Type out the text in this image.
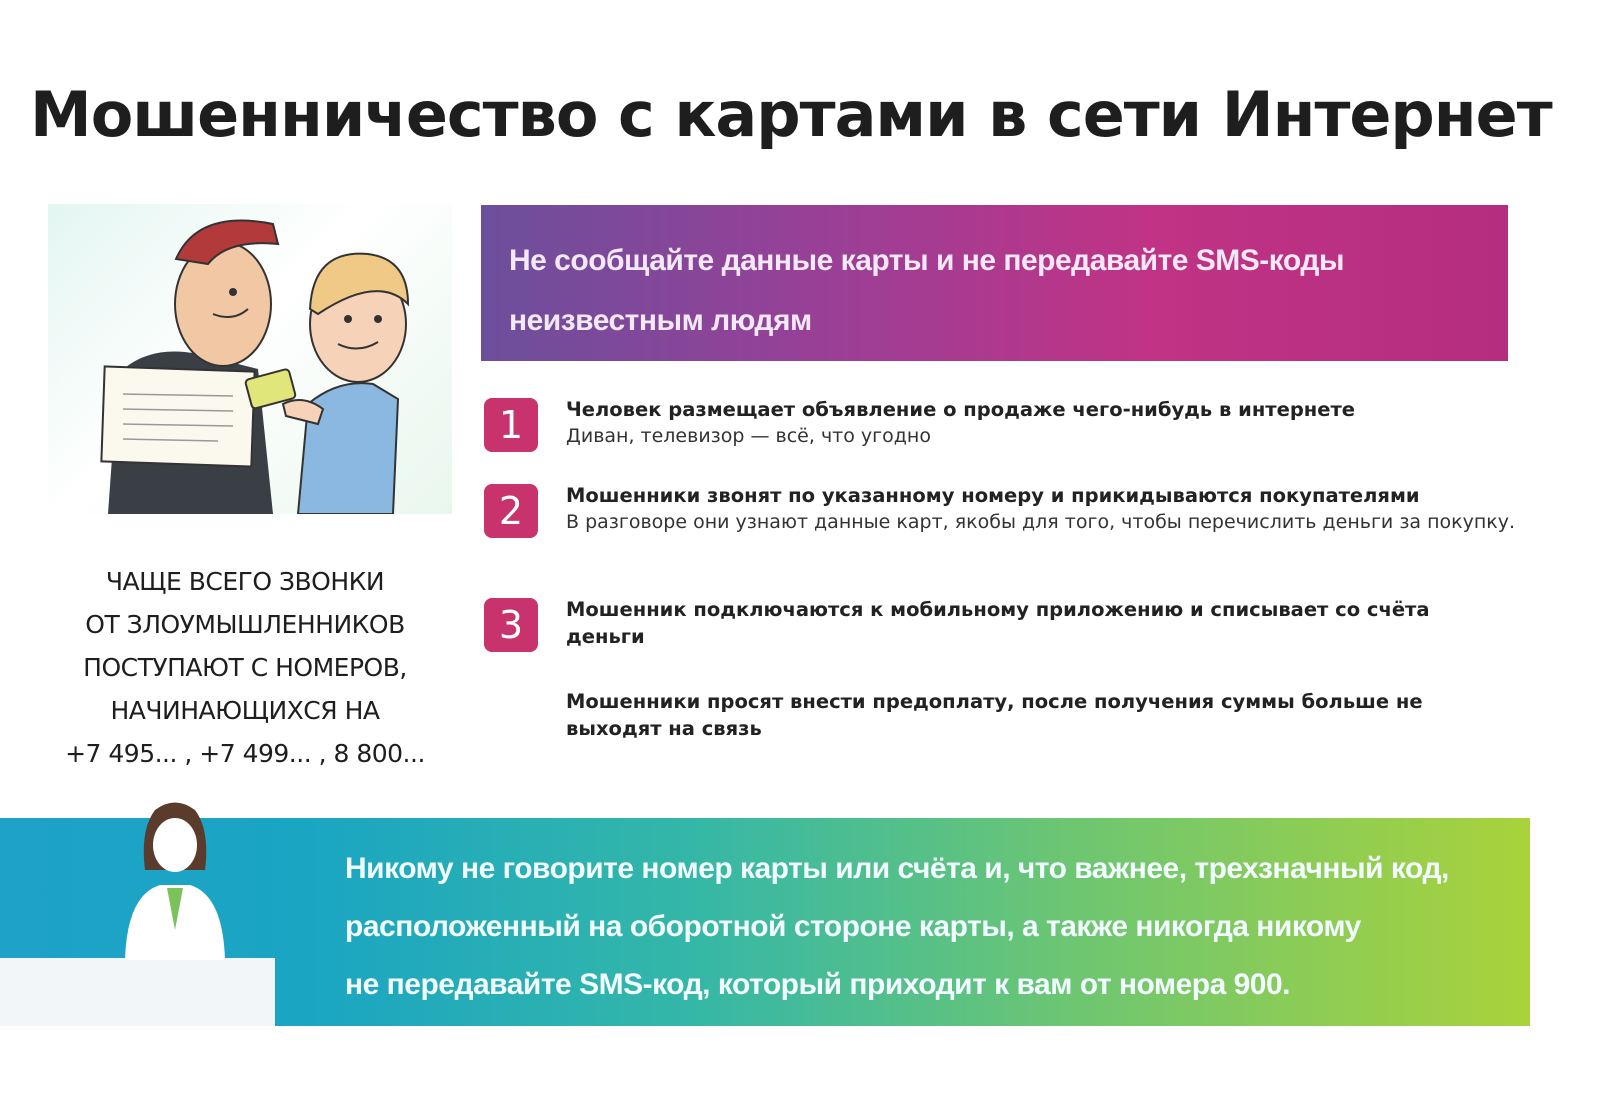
Мошенничество с картами в сети Интернет
Не сообщайте данные карты и не передавайте SMS-коды неизвестным людям
1	Человек размещает объявление о продаже чего-нибудь в интернете
Диван, телевизор — всё, что угодно
2	Мошенники звонят по указанному номеру и прикидываются покупателями
В разговоре они узнают данные карт, якобы для того, чтобы перечислить деньги за покупку.
3	Мошенник подключаются к мобильному приложению и списывает со счёта деньги
Мошенники просят внести предоплату, после получения суммы больше не выходят на связь
ЧАЩЕ ВСЕГО ЗВОНКИ
ОТ ЗЛОУМЫШЛЕННИКОВ
ПОСТУПАЮТ С НОМЕРОВ,
НАЧИНАЮЩИХСЯ НА
+7 495... , +7 499... , 8 800...
Никому не говорите номер карты или счёта и, что важнее, трехзначный код,
расположенный на оборотной стороне карты, а также никогда никому
не передавайте SMS-код, который приходит к вам от номера 900.
